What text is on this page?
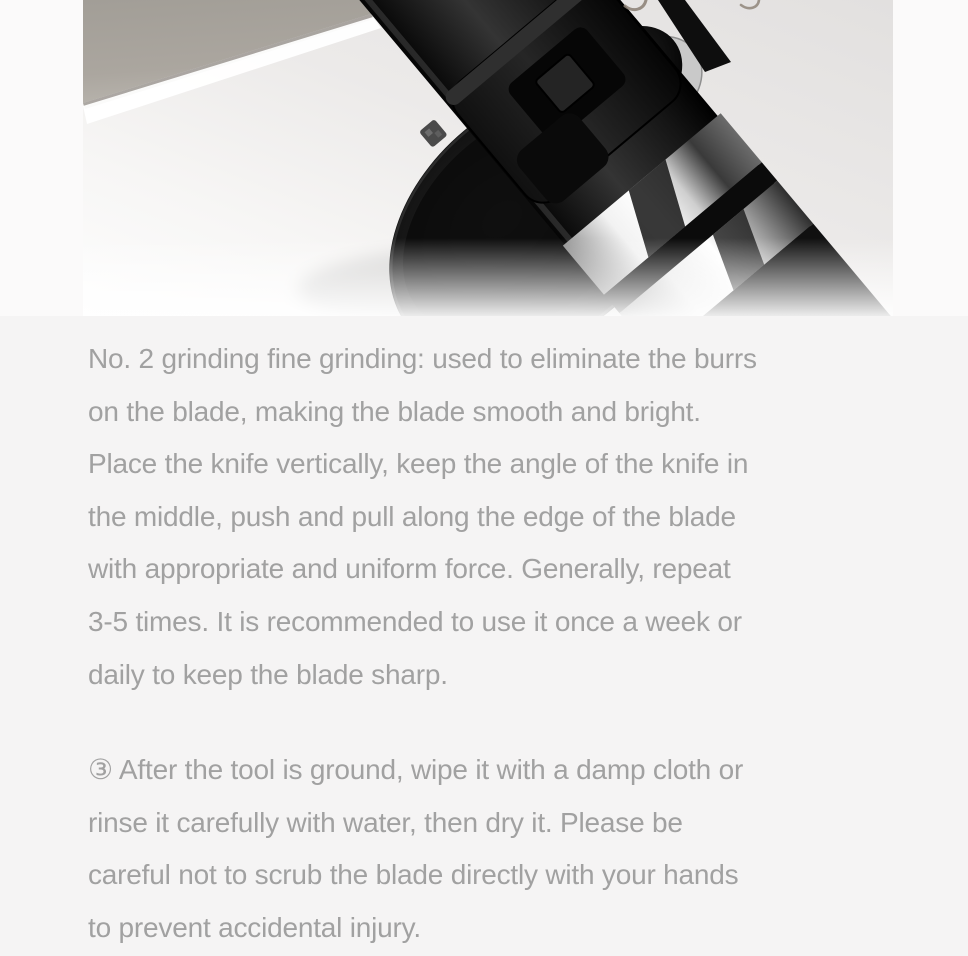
No. 2 grinding fine grinding: used to eliminate the burrs
on the blade, making the blade smooth and bright.
Place the knife vertically, keep the angle of the knife in
the middle, push and pull along the edge of the blade
with appropriate and uniform force. Generally, repeat
3-5 times. It is recommended to use it once a week or
daily to keep the blade sharp.
③ After the tool is ground, wipe it with a damp cloth or
rinse it carefully with water, then dry it. Please be
careful not to scrub the blade directly with your hands
to prevent accidental injury.
